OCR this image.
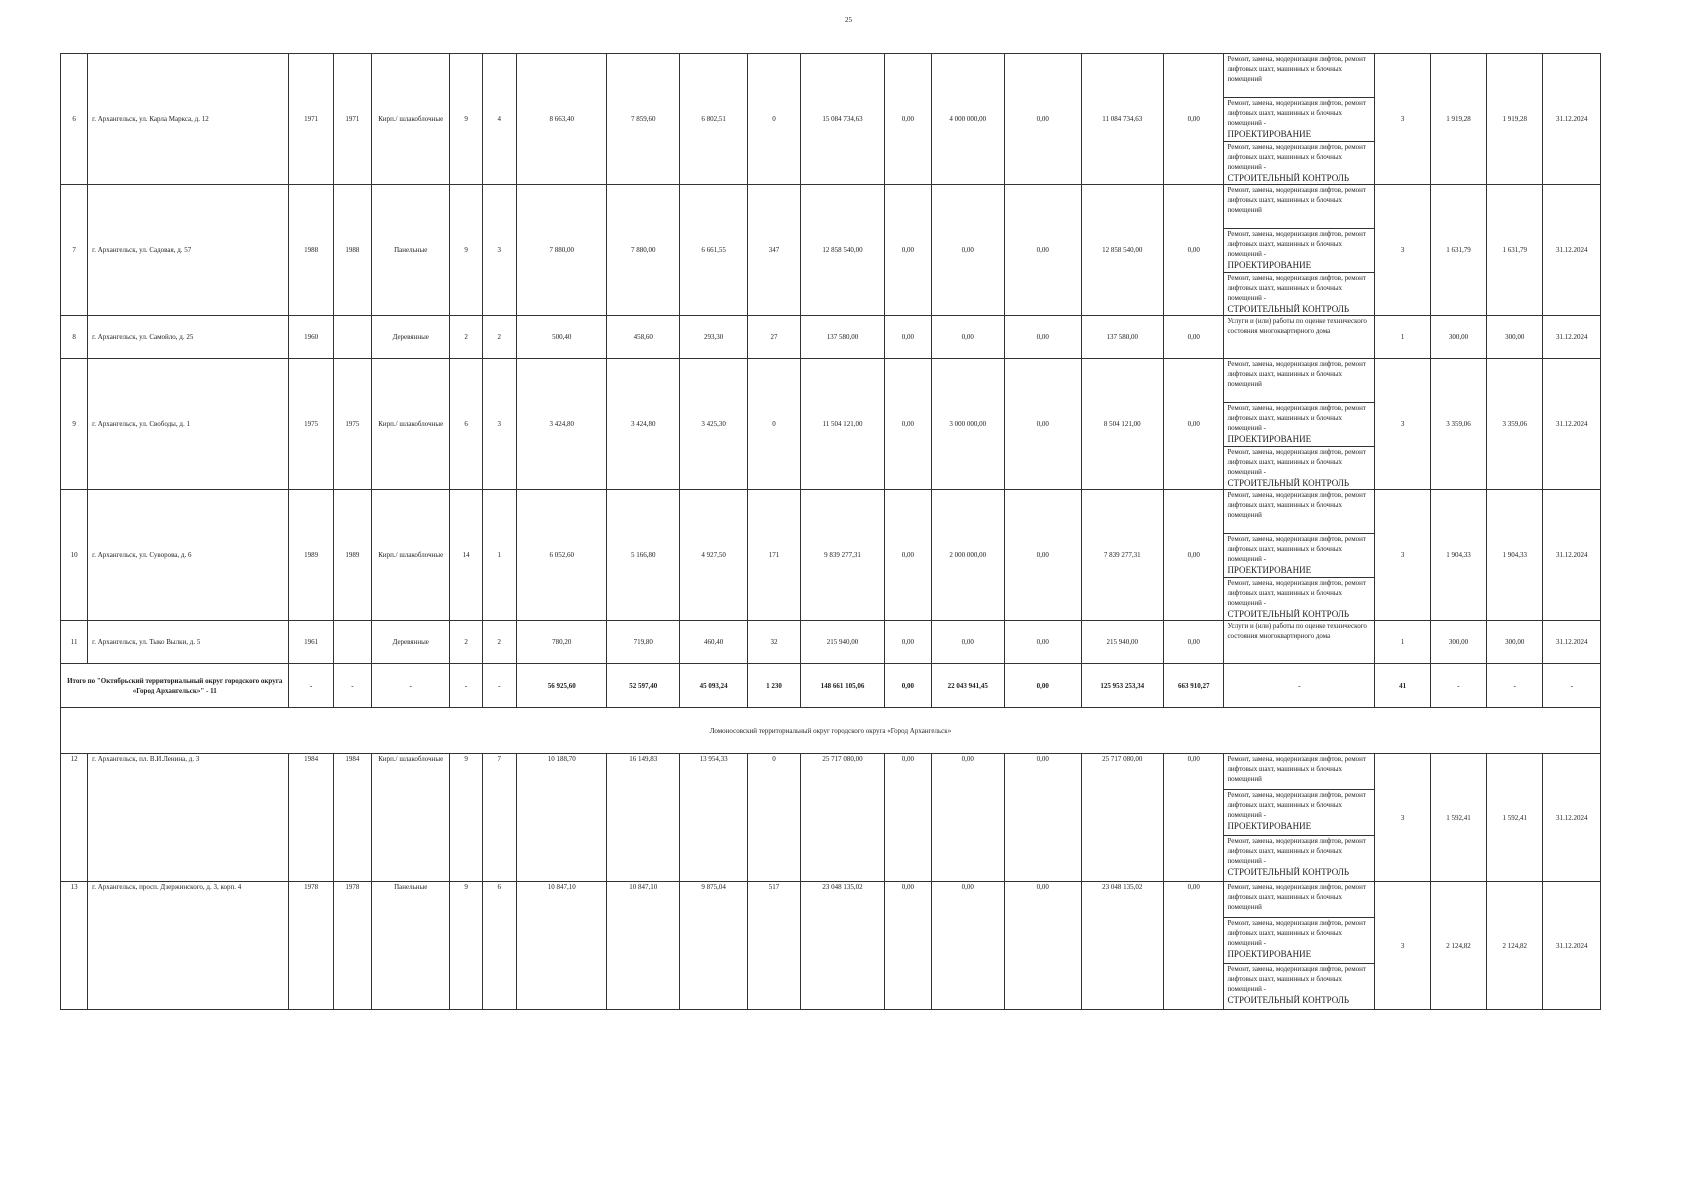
25
6	г. Архангельск, ул. Карла Маркса, д. 12	1971	1971	Кирп./ шлакоблочные	9	4	8 663,40	7 859,60	6 802,51	0	15 084 734,63	0,00	4 000 000,00	0,00	11 084 734,63	0,00	Ремонт, замена, модернизация лифтов, ремонт лифтовых шахт, машинных и блочных помещений	3	1 919,28	1 919,28	31.12.2024
																	Ремонт, замена, модернизация лифтов, ремонт лифтовых шахт, машинных и блочных помещений -
ПРОЕКТИРОВАНИЕ				
																	Ремонт, замена, модернизация лифтов, ремонт лифтовых шахт, машинных и блочных помещений -
СТРОИТЕЛЬНЫЙ КОНТРОЛЬ				
7	г. Архангельск, ул. Садовая, д. 57	1988	1988	Панельные	9	3	7 880,00	7 880,00	6 661,55	347	12 858 540,00	0,00	0,00	0,00	12 858 540,00	0,00	Ремонт, замена, модернизация лифтов, ремонт лифтовых шахт, машинных и блочных помещений	3	1 631,79	1 631,79	31.12.2024
																	Ремонт, замена, модернизация лифтов, ремонт лифтовых шахт, машинных и блочных помещений -
ПРОЕКТИРОВАНИЕ				
																	Ремонт, замена, модернизация лифтов, ремонт лифтовых шахт, машинных и блочных помещений -
СТРОИТЕЛЬНЫЙ КОНТРОЛЬ				
8	г. Архангельск, ул. Самойло, д. 25	1960		Деревянные	2	2	500,40	458,60	293,30	27	137 580,00	0,00	0,00	0,00	137 580,00	0,00	Услуги и (или) работы по оценке технического состояния многоквартирного дома	1	300,00	300,00	31.12.2024
9	г. Архангельск, ул. Свободы, д. 1	1975	1975	Кирп./ шлакоблочные	6	3	3 424,80	3 424,80	3 425,30	0	11 504 121,00	0,00	3 000 000,00	0,00	8 504 121,00	0,00	Ремонт, замена, модернизация лифтов, ремонт лифтовых шахт, машинных и блочных помещений	3	3 359,06	3 359,06	31.12.2024
																	Ремонт, замена, модернизация лифтов, ремонт лифтовых шахт, машинных и блочных помещений -
ПРОЕКТИРОВАНИЕ				
																	Ремонт, замена, модернизация лифтов, ремонт лифтовых шахт, машинных и блочных помещений -
СТРОИТЕЛЬНЫЙ КОНТРОЛЬ				
10	г. Архангельск, ул. Суворова, д. 6	1989	1989	Кирп./ шлакоблочные	14	1	6 052,60	5 166,80	4 927,50	171	9 839 277,31	0,00	2 000 000,00	0,00	7 839 277,31	0,00	Ремонт, замена, модернизация лифтов, ремонт лифтовых шахт, машинных и блочных помещений	3	1 904,33	1 904,33	31.12.2024
																	Ремонт, замена, модернизация лифтов, ремонт лифтовых шахт, машинных и блочных помещений -
ПРОЕКТИРОВАНИЕ				
																	Ремонт, замена, модернизация лифтов, ремонт лифтовых шахт, машинных и блочных помещений -
СТРОИТЕЛЬНЫЙ КОНТРОЛЬ				
11	г. Архангельск, ул. Тыко Вылки, д. 5	1961		Деревянные	2	2	780,20	719,80	460,40	32	215 940,00	0,00	0,00	0,00	215 940,00	0,00	Услуги и (или) работы по оценке технического состояния многоквартирного дома	1	300,00	300,00	31.12.2024
Итого по "Октябрьский территориальный округ городского округа «Город Архангельск»" - 11		-	-	-	-	-	56 925,60	52 597,40	45 093,24	1 230	148 661 105,06	0,00	22 043 941,45	0,00	125 953 253,34	663 910,27	-	41	-	-	-
Ломоносовский территориальный округ городского округа «Город Архангельск»																					
12	г. Архангельск, пл. В.И.Ленина, д. 3	1984	1984	Кирп./ шлакоблочные	9	7	10 188,70	16 149,83	13 954,33	0	25 717 080,00	0,00	0,00	0,00	25 717 080,00	0,00	Ремонт, замена, модернизация лифтов, ремонт лифтовых шахт, машинных и блочных помещений	3	1 592,41	1 592,41	31.12.2024
																	Ремонт, замена, модернизация лифтов, ремонт лифтовых шахт, машинных и блочных помещений -
ПРОЕКТИРОВАНИЕ				
																	Ремонт, замена, модернизация лифтов, ремонт лифтовых шахт, машинных и блочных помещений -
СТРОИТЕЛЬНЫЙ КОНТРОЛЬ				
13	г. Архангельск, просп. Дзержинского, д. 3, корп. 4	1978	1978	Панельные	9	6	10 847,10	10 847,10	9 875,04	517	23 048 135,02	0,00	0,00	0,00	23 048 135,02	0,00	Ремонт, замена, модернизация лифтов, ремонт лифтовых шахт, машинных и блочных помещений	3	2 124,82	2 124,82	31.12.2024
																	Ремонт, замена, модернизация лифтов, ремонт лифтовых шахт, машинных и блочных помещений -
ПРОЕКТИРОВАНИЕ				
																	Ремонт, замена, модернизация лифтов, ремонт лифтовых шахт, машинных и блочных помещений -
СТРОИТЕЛЬНЫЙ КОНТРОЛЬ				
